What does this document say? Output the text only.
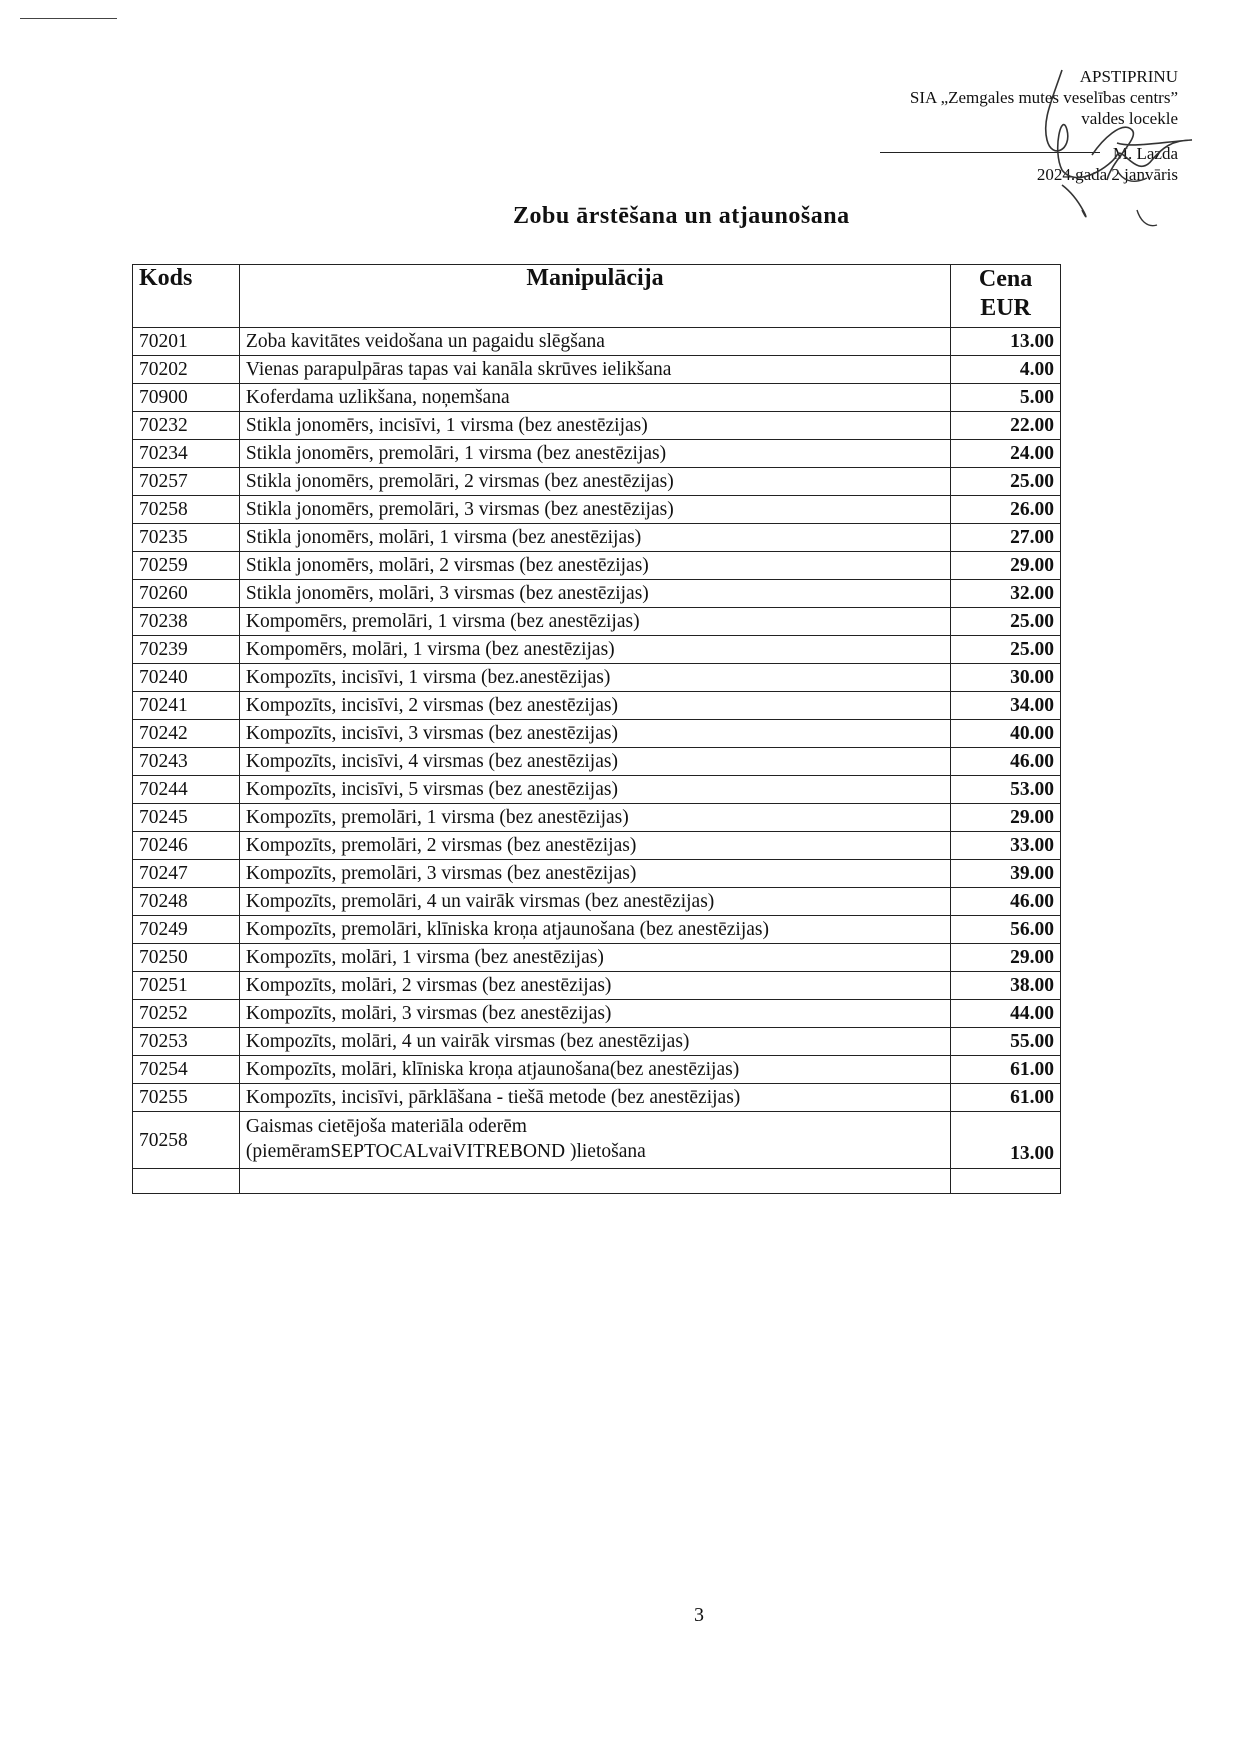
APSTIPRINU
SIA „Zemgales mutes veselības centrs”
valdes locekle
M. Lazda
2024.gada 2 janvāris
Zobu ārstēšana un atjaunošana
Kods	Manipulācija	Cena
EUR

70201	Zoba kavitātes veidošana un pagaidu slēgšana	13.00
70202	Vienas parapulpāras tapas vai kanāla skrūves ielikšana	4.00
70900	Koferdama uzlikšana, noņemšana	5.00
70232	Stikla jonomērs, incisīvi, 1 virsma (bez anestēzijas)	22.00
70234	Stikla jonomērs, premolāri, 1 virsma (bez anestēzijas)	24.00
70257	Stikla jonomērs, premolāri, 2 virsmas (bez anestēzijas)	25.00
70258	Stikla jonomērs, premolāri, 3 virsmas (bez anestēzijas)	26.00
70235	Stikla jonomērs, molāri, 1 virsma (bez anestēzijas)	27.00
70259	Stikla jonomērs, molāri, 2 virsmas (bez anestēzijas)	29.00
70260	Stikla jonomērs, molāri, 3 virsmas (bez anestēzijas)	32.00
70238	Kompomērs, premolāri, 1 virsma (bez anestēzijas)	25.00
70239	Kompomērs, molāri, 1 virsma (bez anestēzijas)	25.00
70240	Kompozīts, incisīvi, 1 virsma (bez.anestēzijas)	30.00
70241	Kompozīts, incisīvi, 2 virsmas (bez anestēzijas)	34.00
70242	Kompozīts, incisīvi, 3 virsmas (bez anestēzijas)	40.00
70243	Kompozīts, incisīvi, 4 virsmas (bez anestēzijas)	46.00
70244	Kompozīts, incisīvi, 5 virsmas (bez anestēzijas)	53.00
70245	Kompozīts, premolāri, 1 virsma (bez anestēzijas)	29.00
70246	Kompozīts, premolāri, 2 virsmas (bez anestēzijas)	33.00
70247	Kompozīts, premolāri, 3 virsmas (bez anestēzijas)	39.00
70248	Kompozīts, premolāri, 4 un vairāk virsmas (bez anestēzijas)	46.00
70249	Kompozīts, premolāri, klīniska kroņa atjaunošana (bez anestēzijas)	56.00
70250	Kompozīts, molāri, 1 virsma (bez anestēzijas)	29.00
70251	Kompozīts, molāri, 2 virsmas (bez anestēzijas)	38.00
70252	Kompozīts, molāri, 3 virsmas (bez anestēzijas)	44.00
70253	Kompozīts, molāri, 4 un vairāk virsmas (bez anestēzijas)	55.00
70254	Kompozīts, molāri, klīniska kroņa atjaunošana(bez anestēzijas)	61.00
70255	Kompozīts, incisīvi, pārklāšana - tiešā metode (bez anestēzijas)	61.00
70258	Gaismas cietējoša materiāla oderēm
(piemēramSEPTOCALvaiVITREBOND )lietošana	13.00

3
